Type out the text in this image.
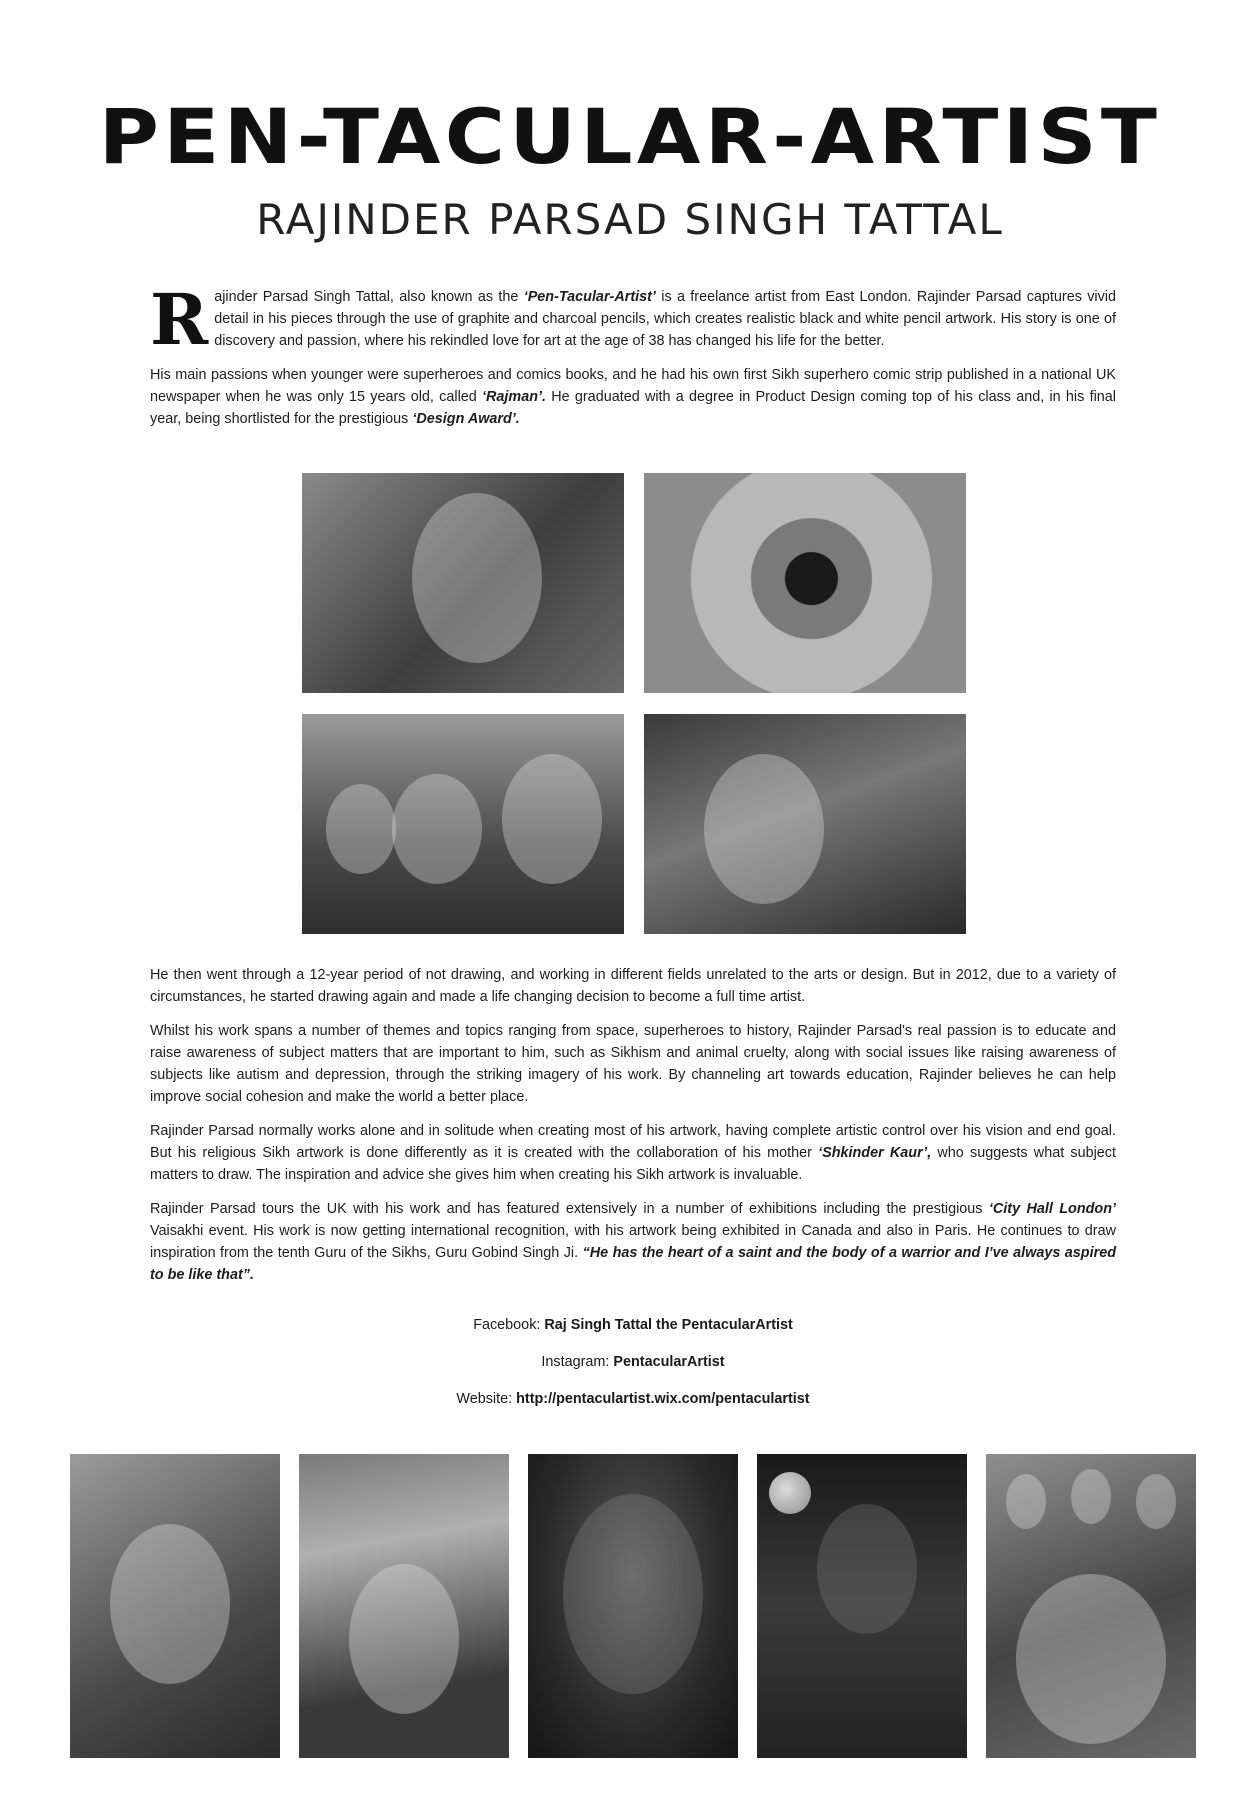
PEN-TACULAR-ARTIST
RAJINDER PARSAD SINGH TATTAL

Rajinder Parsad Singh Tattal, also known as the ‘Pen-Tacular-Artist’ is a freelance artist from East London. Rajinder Parsad captures vivid detail in his pieces through the use of graphite and charcoal pencils, which creates realistic black and white pencil artwork. His story is one of discovery and passion, where his rekindled love for art at the age of 38 has changed his life for the better.

His main passions when younger were superheroes and comics books, and he had his own first Sikh superhero comic strip published in a national UK newspaper when he was only 15 years old, called ‘Rajman’. He graduated with a degree in Product Design coming top of his class and, in his final year, being shortlisted for the prestigious ‘Design Award’.

He then went through a 12-year period of not drawing, and working in different fields unrelated to the arts or design. But in 2012, due to a variety of circumstances, he started drawing again and made a life changing decision to become a full time artist.

Whilst his work spans a number of themes and topics ranging from space, superheroes to history, Rajinder Parsad's real passion is to educate and raise awareness of subject matters that are important to him, such as Sikhism and animal cruelty, along with social issues like raising awareness of subjects like autism and depression, through the striking imagery of his work. By channeling art towards education, Rajinder believes he can help improve social cohesion and make the world a better place.

Rajinder Parsad normally works alone and in solitude when creating most of his artwork, having complete artistic control over his vision and end goal. But his religious Sikh artwork is done differently as it is created with the collaboration of his mother ‘Shkinder Kaur’, who suggests what subject matters to draw. The inspiration and advice she gives him when creating his Sikh artwork is invaluable.

Rajinder Parsad tours the UK with his work and has featured extensively in a number of exhibitions including the prestigious ‘City Hall London’ Vaisakhi event. His work is now getting international recognition, with his artwork being exhibited in Canada and also in Paris. He continues to draw inspiration from the tenth Guru of the Sikhs, Guru Gobind Singh Ji. “He has the heart of a saint and the body of a warrior and I’ve always aspired to be like that”.

Facebook: Raj Singh Tattal the PentacularArtist
Instagram: PentacularArtist
Website: http://pentaculartist.wix.com/pentaculartist
